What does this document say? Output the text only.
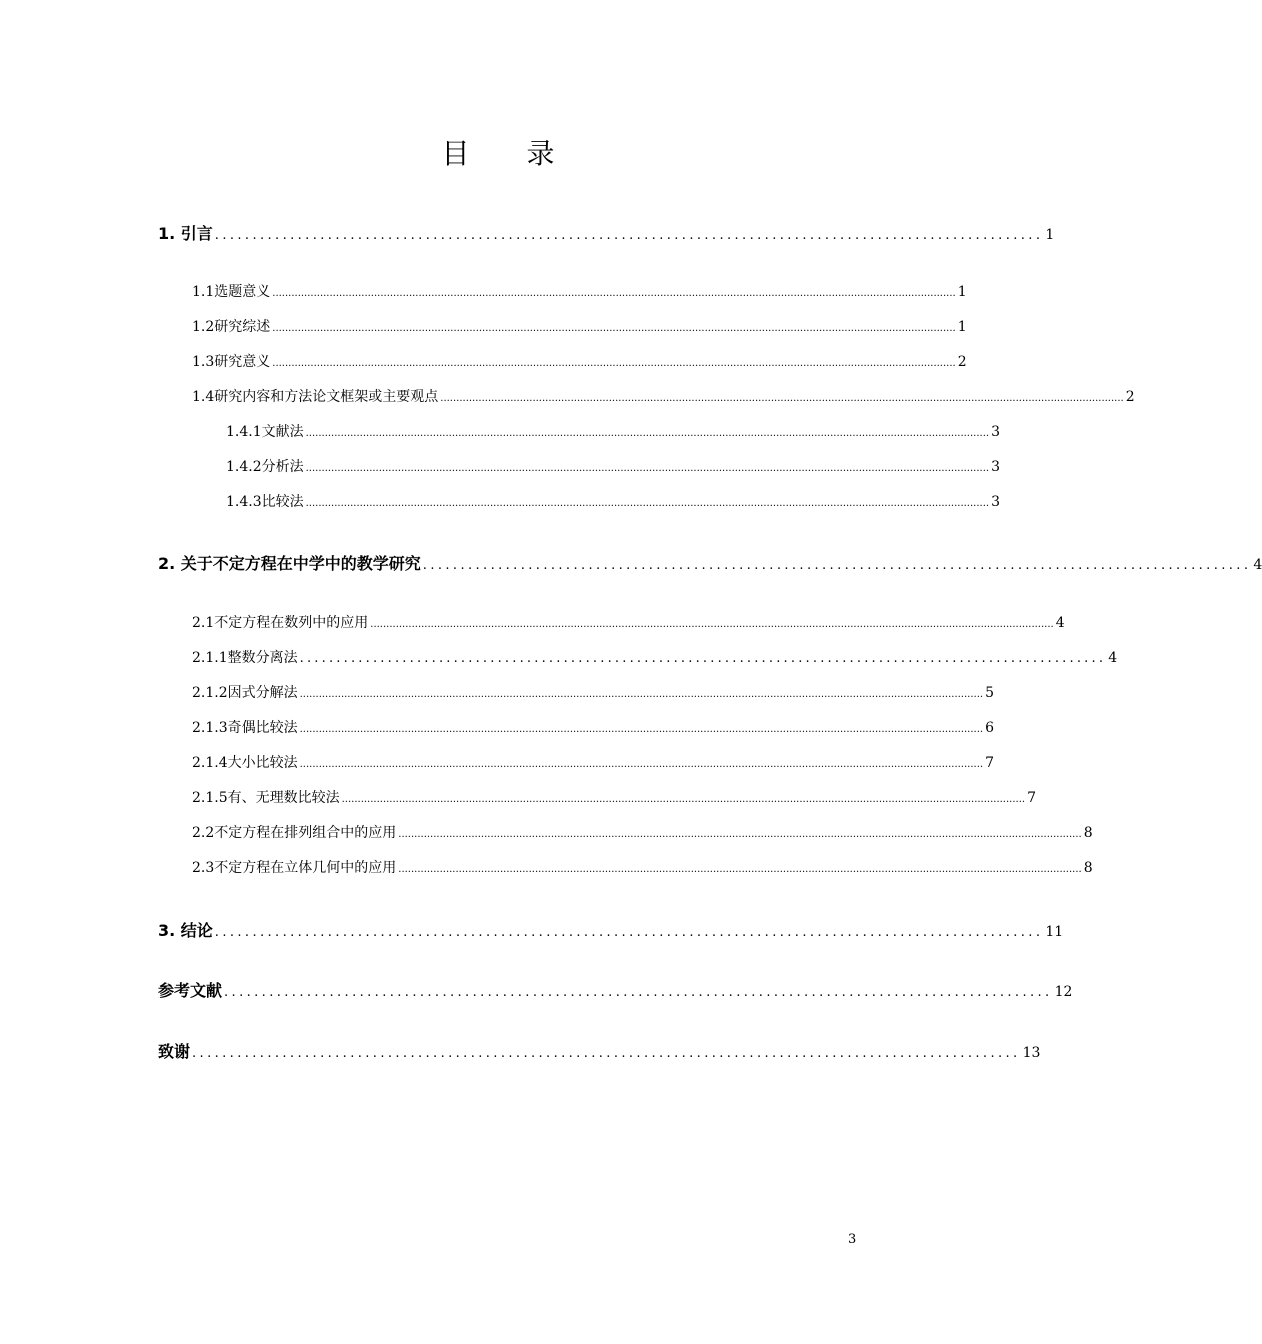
目 录
1. 引言 .............................................................................................................. 1
1.1选题意义 ....................................................................................................................................................................................................................... 1
1.2研究综述 ....................................................................................................................................................................................................................... 1
1.3研究意义 ....................................................................................................................................................................................................................... 2
1.4研究内容和方法论文框架或主要观点 ....................................................................................................................................................................................................................... 2
1.4.1文献法 ....................................................................................................................................................................................................................... 3
1.4.2分析法 ....................................................................................................................................................................................................................... 3
1.4.3比较法 ....................................................................................................................................................................................................................... 3
2. 关于不定方程在中学中的教学研究 .............................................................................................................. 4
2.1不定方程在数列中的应用 ....................................................................................................................................................................................................................... 4
2.1.1整数分离法 .............................................................................................................. 4
2.1.2因式分解法 ....................................................................................................................................................................................................................... 5
2.1.3奇偶比较法 ....................................................................................................................................................................................................................... 6
2.1.4大小比较法 ....................................................................................................................................................................................................................... 7
2.1.5有、无理数比较法 ....................................................................................................................................................................................................................... 7
2.2不定方程在排列组合中的应用 ....................................................................................................................................................................................................................... 8
2.3不定方程在立体几何中的应用 ....................................................................................................................................................................................................................... 8
3. 结论 .............................................................................................................. 11
参考文献 .............................................................................................................. 12
致谢 .............................................................................................................. 13
3
